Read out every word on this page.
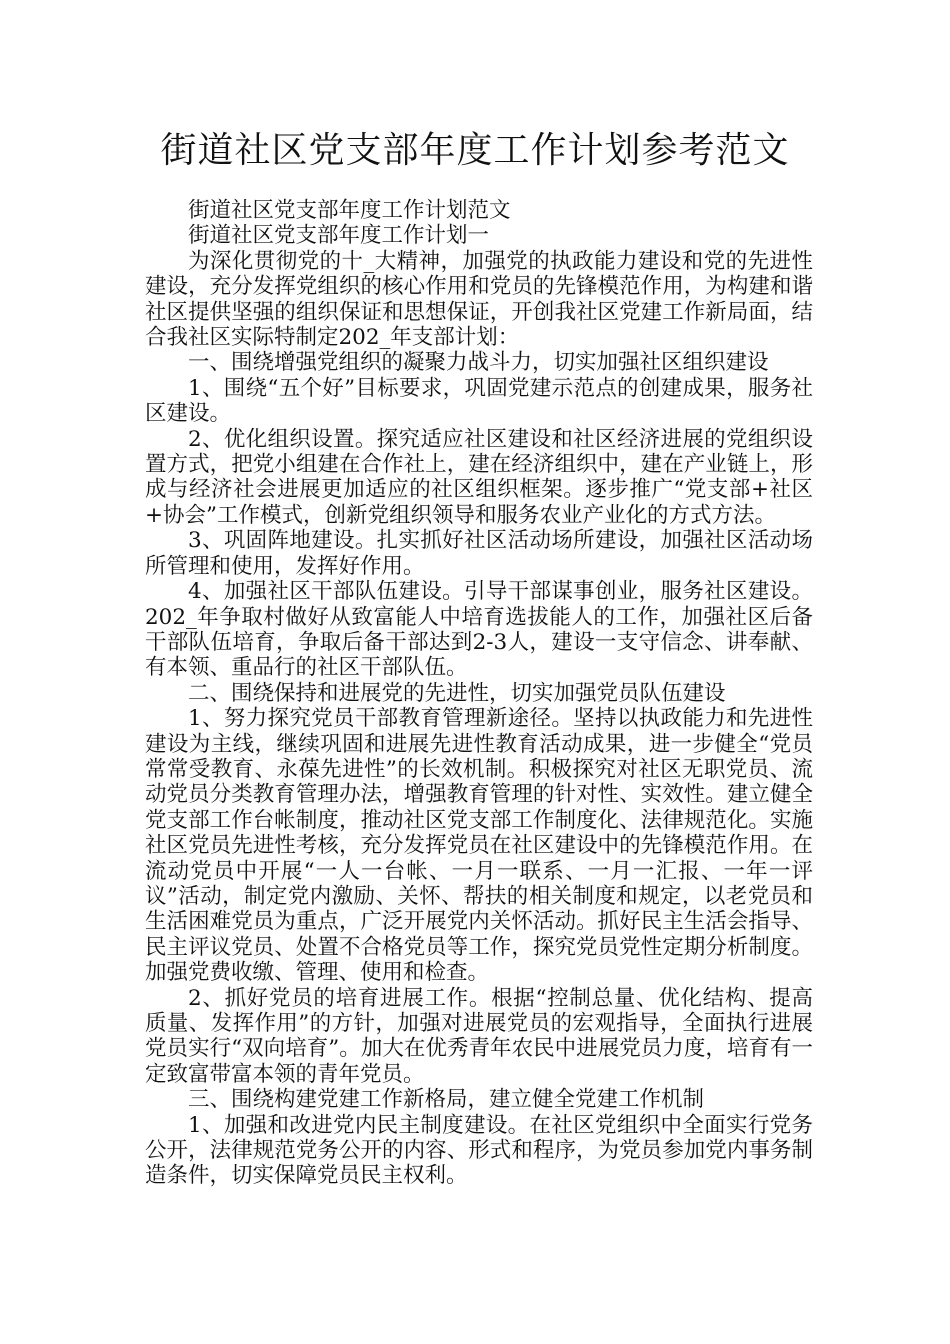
街道社区党支部年度工作计划参考范文

街道社区党支部年度工作计划范文

街道社区党支部年度工作计划一

为深化贯彻党的十_大精神，加强党的执政能力建设和党的先进性建设，充分发挥党组织的核心作用和党员的先锋模范作用，为构建和谐社区提供坚强的组织保证和思想保证，开创我社区党建工作新局面，结合我社区实际特制定202_年支部计划：

一、围绕增强党组织的凝聚力战斗力，切实加强社区组织建设

1、围绕“五个好”目标要求，巩固党建示范点的创建成果，服务社区建设。

2、优化组织设置。探究适应社区建设和社区经济进展的党组织设置方式，把党小组建在合作社上，建在经济组织中，建在产业链上，形成与经济社会进展更加适应的社区组织框架。逐步推广“党支部+社区+协会”工作模式，创新党组织领导和服务农业产业化的方式方法。

3、巩固阵地建设。扎实抓好社区活动场所建设，加强社区活动场所管理和使用，发挥好作用。

4、加强社区干部队伍建设。引导干部谋事创业，服务社区建设。202_年争取村做好从致富能人中培育选拔能人的工作，加强社区后备干部队伍培育，争取后备干部达到2-3人，建设一支守信念、讲奉献、有本领、重品行的社区干部队伍。

二、围绕保持和进展党的先进性，切实加强党员队伍建设

1、努力探究党员干部教育管理新途径。坚持以执政能力和先进性建设为主线，继续巩固和进展先进性教育活动成果，进一步健全“党员常常受教育、永葆先进性”的长效机制。积极探究对社区无职党员、流动党员分类教育管理办法，增强教育管理的针对性、实效性。建立健全党支部工作台帐制度，推动社区党支部工作制度化、法律规范化。实施社区党员先进性考核，充分发挥党员在社区建设中的先锋模范作用。在流动党员中开展“一人一台帐、一月一联系、一月一汇报、一年一评议”活动，制定党内激励、关怀、帮扶的相关制度和规定，以老党员和生活困难党员为重点，广泛开展党内关怀活动。抓好民主生活会指导、民主评议党员、处置不合格党员等工作，探究党员党性定期分析制度。加强党费收缴、管理、使用和检查。

2、抓好党员的培育进展工作。根据“控制总量、优化结构、提高质量、发挥作用”的方针，加强对进展党员的宏观指导，全面执行进展党员实行“双向培育”。加大在优秀青年农民中进展党员力度，培育有一定致富带富本领的青年党员。

三、围绕构建党建工作新格局，建立健全党建工作机制

1、加强和改进党内民主制度建设。在社区党组织中全面实行党务公开，法律规范党务公开的内容、形式和程序，为党员参加党内事务制造条件，切实保障党员民主权利。
